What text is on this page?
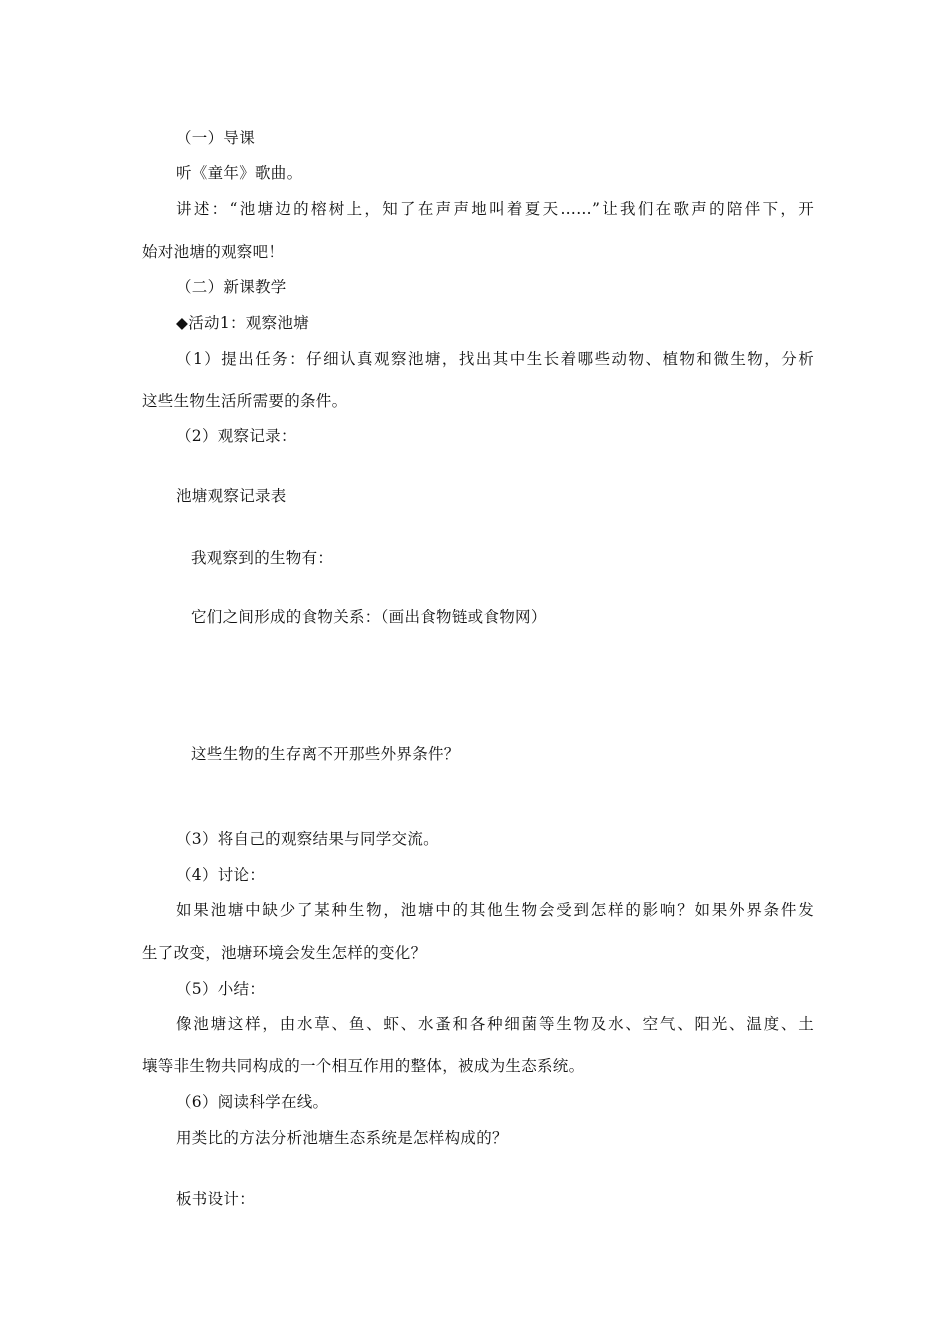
（一）导课
听《童年》歌曲。
讲述：“池塘边的榕树上，知了在声声地叫着夏天……”让我们在歌声的陪伴下，开
始对池塘的观察吧！
（二）新课教学
◆活动1：观察池塘
（1）提出任务：仔细认真观察池塘，找出其中生长着哪些动物、植物和微生物，分析
这些生物生活所需要的条件。
（2）观察记录：
池塘观察记录表
我观察到的生物有：
它们之间形成的食物关系：（画出食物链或食物网）
这些生物的生存离不开那些外界条件？
（3）将自己的观察结果与同学交流。
（4）讨论：
如果池塘中缺少了某种生物，池塘中的其他生物会受到怎样的影响？如果外界条件发
生了改变，池塘环境会发生怎样的变化？
（5）小结：
像池塘这样，由水草、鱼、虾、水蚤和各种细菌等生物及水、空气、阳光、温度、土
壤等非生物共同构成的一个相互作用的整体，被成为生态系统。
（6）阅读科学在线。
用类比的方法分析池塘生态系统是怎样构成的？
板书设计：
